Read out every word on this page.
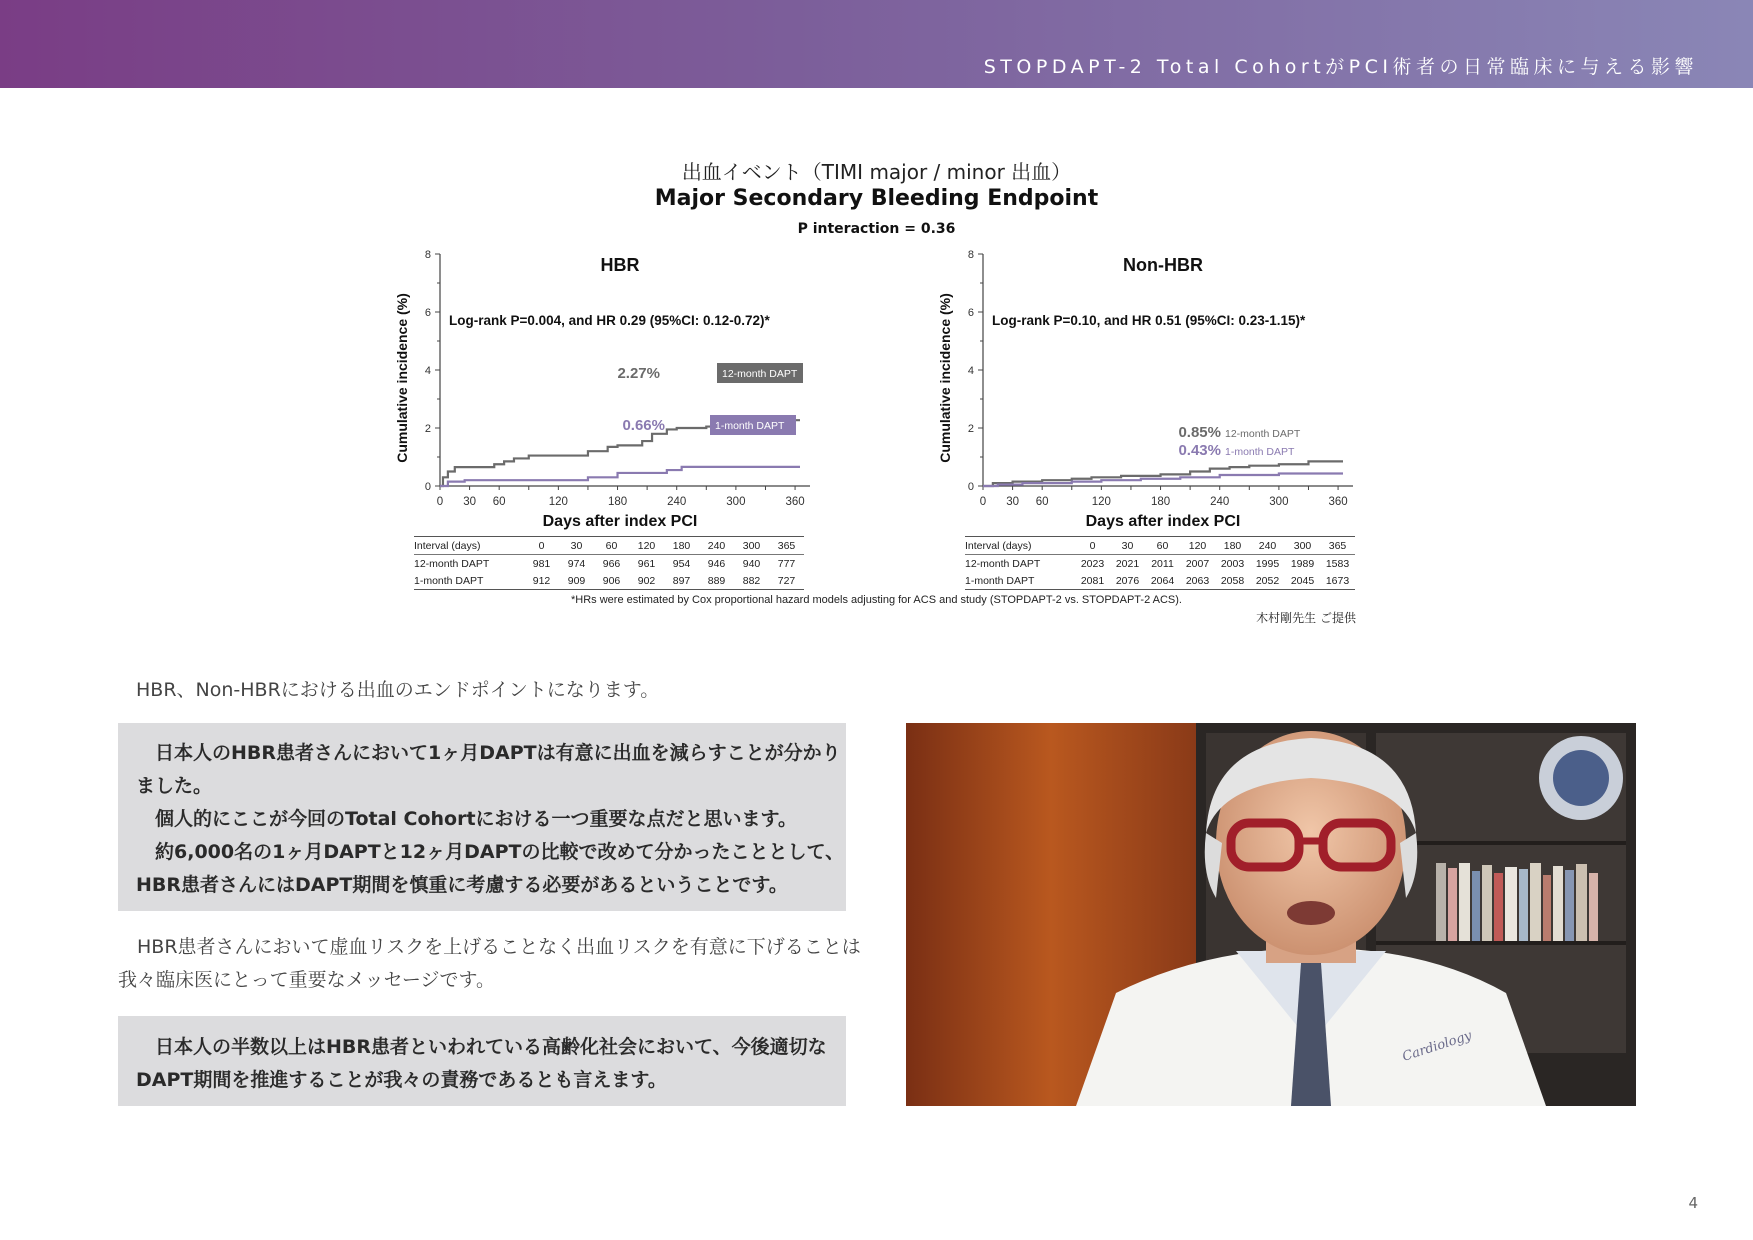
STOPDAPT-2 Total CohortがPCI術者の日常臨床に与える影響
出血イベント（TIMI major / minor 出血）
Major Secondary Bleeding Endpoint
P interaction = 0.36
0
2
4
6
8
0 30 60	120	180	240	300	360
Days after index PCI
Cumulative incidence (%)
HBR
Log-rank P=0.004, and HR 0.29 (95%CI: 0.12-0.72)*
2.27%	12-month DAPT
0.66%	1-month DAPT
0
2
4
6
8
0 30 60	120	180	240	300	360
Days after index PCI
Cumulative incidence (%)
Non-HBR
Log-rank P=0.10, and HR 0.51 (95%CI: 0.23-1.15)*
0.85% 12-month DAPT
0.43% 1-month DAPT
Interval (days)	0	30	60	120	180	240	300	365
12-month DAPT	981	974	966	961	954	946	940	777
1-month DAPT	912	909	906	902	897	889	882	727
Interval (days)	0	30	60	120	180	240	300	365
12-month DAPT	2023	2021	2011	2007	2003	1995	1989	1583
1-month DAPT	2081	2076	2064	2063	2058	2052	2045	1673
*HRs were estimated by Cox proportional hazard models adjusting for ACS and study (STOPDAPT-2 vs. STOPDAPT-2 ACS).
木村剛先生 ご提供
HBR、Non-HBRにおける出血のエンドポイントになります。
日本人のHBR患者さんにおいて1ヶ月DAPTは有意に出血を減らすことが分かり
ました。
個人的にここが今回のTotal Cohortにおける一つ重要な点だと思います。
約6,000名の1ヶ月DAPTと12ヶ月DAPTの比較で改めて分かったこととして、
HBR患者さんにはDAPT期間を慎重に考慮する必要があるということです。
HBR患者さんにおいて虚血リスクを上げることなく出血リスクを有意に下げることは
我々臨床医にとって重要なメッセージです。
日本人の半数以上はHBR患者といわれている高齢化社会において、今後適切な
DAPT期間を推進することが我々の責務であるとも言えます。
Cardiology
4
